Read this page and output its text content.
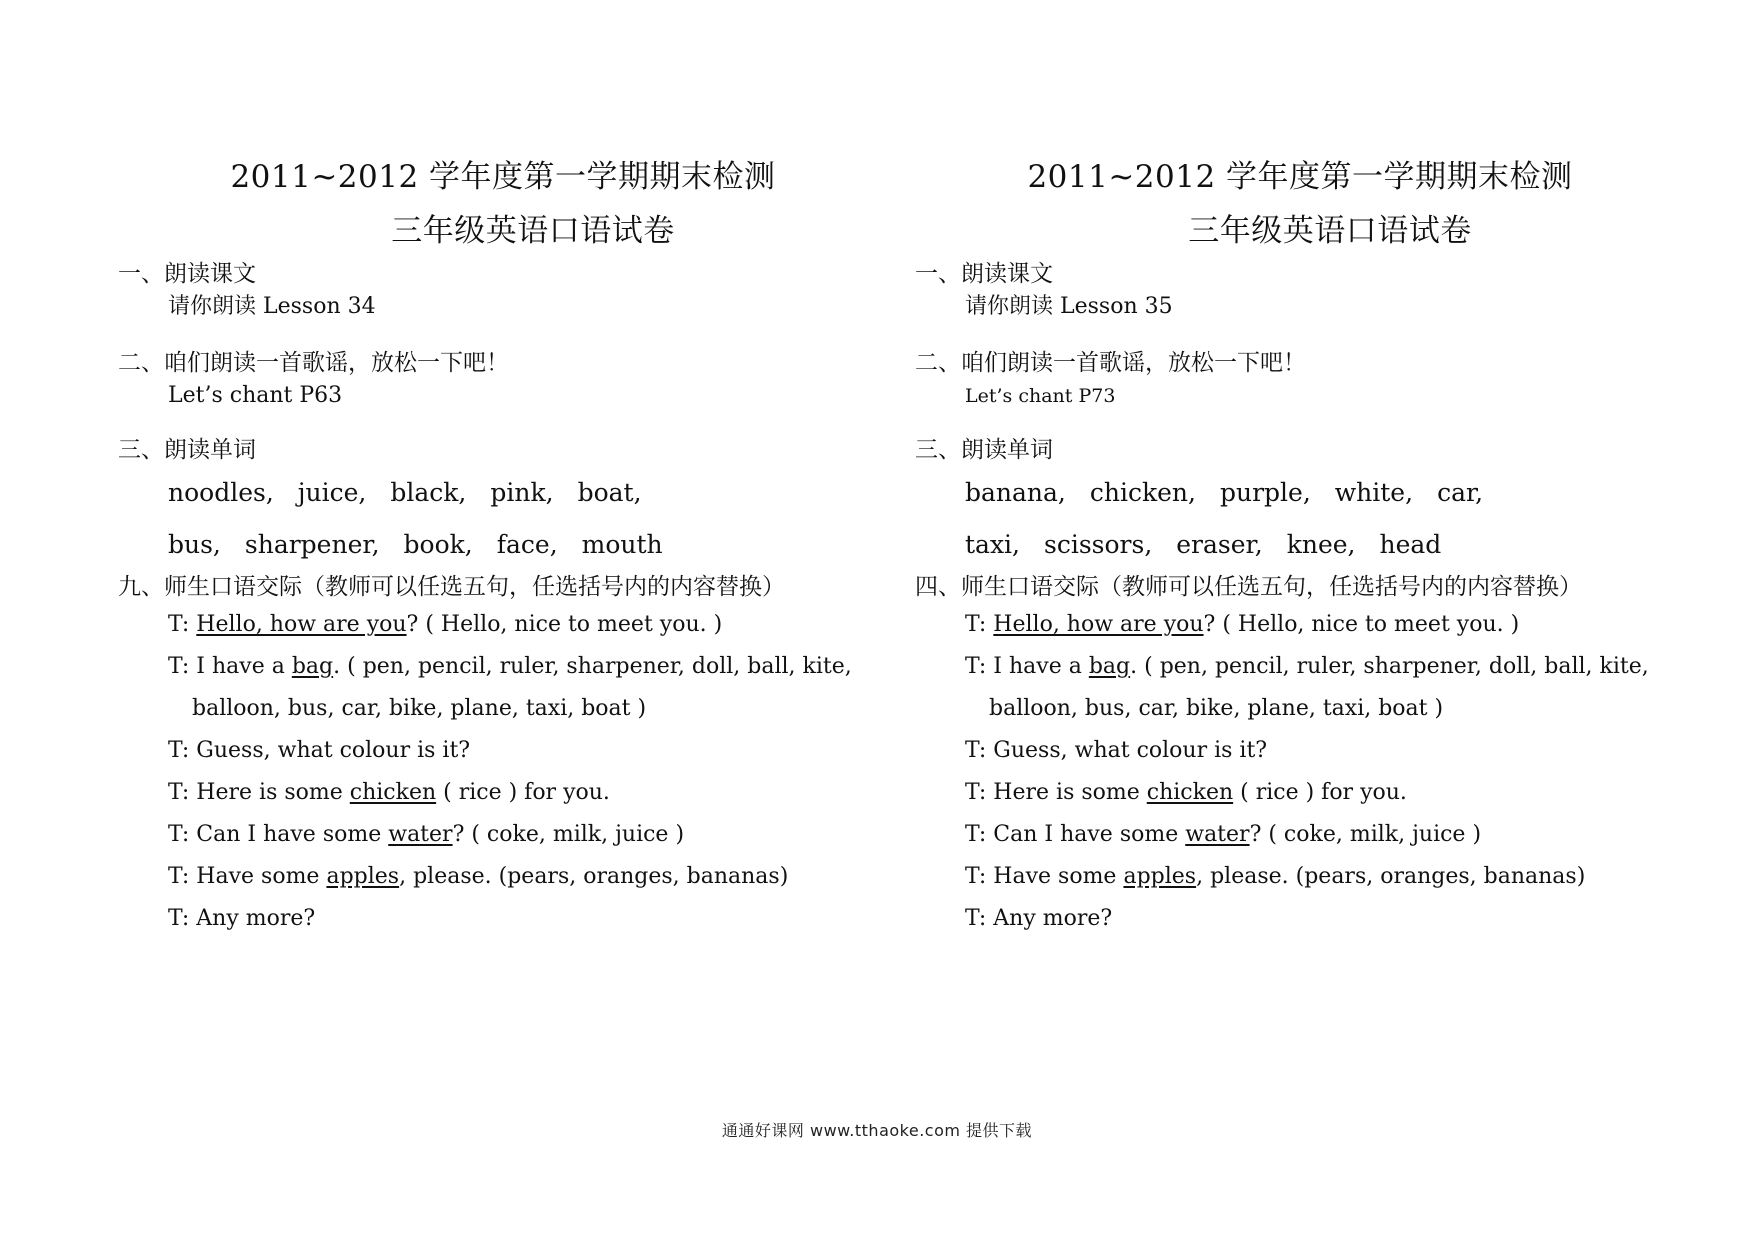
2011~2012 学年度第一学期期末检测

三年级英语口语试卷

一、朗读课文

请你朗读 Lesson 34

二、咱们朗读一首歌谣，放松一下吧！

Let’s chant P63

三、朗读单词

noodles, juice, black, pink, boat,

bus, sharpener, book, face, mouth

九、师生口语交际（教师可以任选五句，任选括号内的内容替换）

T: Hello, how are you? ( Hello, nice to meet you. )
T: I have a bag. ( pen, pencil, ruler, sharpener, doll, ball, kite,
balloon, bus, car, bike, plane, taxi, boat )
T: Guess, what colour is it?
T: Here is some chicken ( rice ) for you.
T: Can I have some water? ( coke, milk, juice )
T: Have some apples, please. (pears, oranges, bananas)
T: Any more?

2011~2012 学年度第一学期期末检测

三年级英语口语试卷

一、朗读课文

请你朗读 Lesson 35

二、咱们朗读一首歌谣，放松一下吧！

Let’s chant P73

三、朗读单词

banana, chicken, purple, white, car,

taxi, scissors, eraser, knee, head

四、师生口语交际（教师可以任选五句，任选括号内的内容替换）

T: Hello, how are you? ( Hello, nice to meet you. )
T: I have a bag. ( pen, pencil, ruler, sharpener, doll, ball, kite,
balloon, bus, car, bike, plane, taxi, boat )
T: Guess, what colour is it?
T: Here is some chicken ( rice ) for you.
T: Can I have some water? ( coke, milk, juice )
T: Have some apples, please. (pears, oranges, bananas)
T: Any more?
通通好课网 www.tthaoke.com 提供下载
